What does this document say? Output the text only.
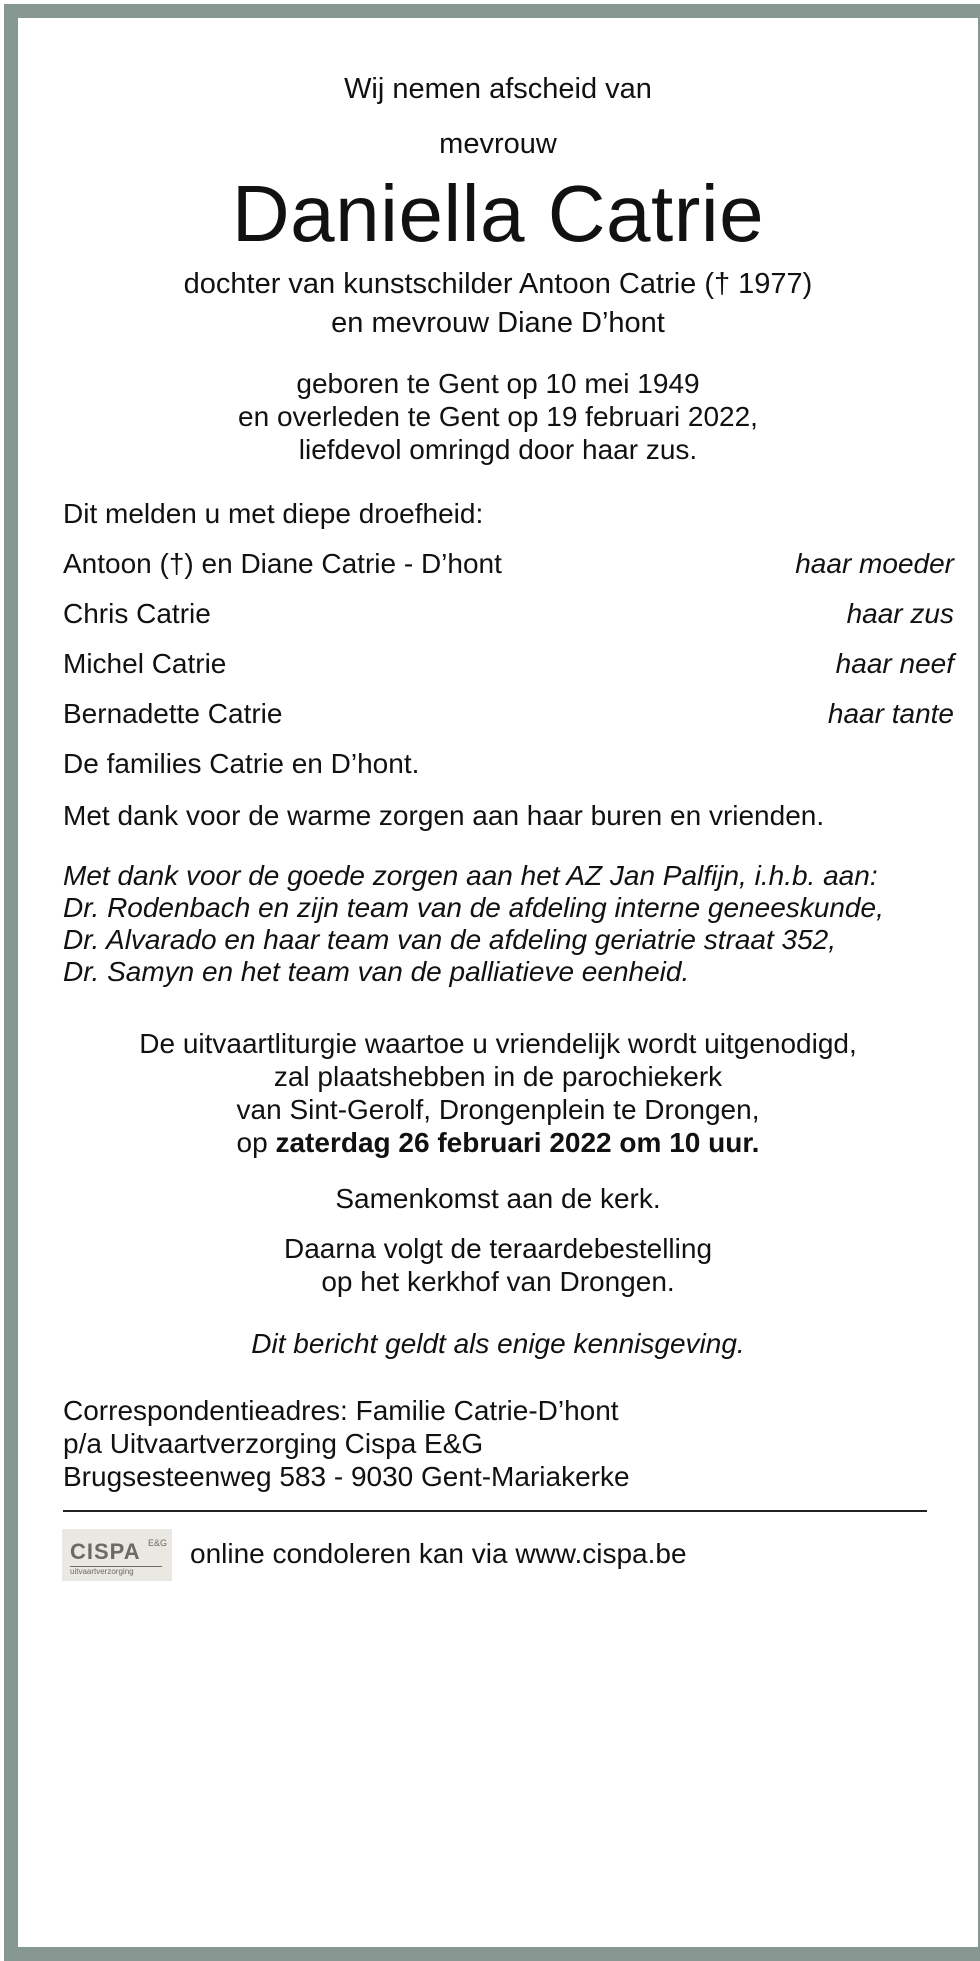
Wij nemen afscheid van
mevrouw
Daniella Catrie
dochter van kunstschilder Antoon Catrie († 1977)
en mevrouw Diane D’hont
geboren te Gent op 10 mei 1949
en overleden te Gent op 19 februari 2022,
liefdevol omringd door haar zus.
Dit melden u met diepe droefheid:
Antoon (†) en Diane Catrie - D’hont	haar moeder
Chris Catrie	haar zus
Michel Catrie	haar neef
Bernadette Catrie	haar tante
De families Catrie en D’hont.
Met dank voor de warme zorgen aan haar buren en vrienden.
Met dank voor de goede zorgen aan het AZ Jan Palfijn, i.h.b. aan:
Dr. Rodenbach en zijn team van de afdeling interne geneeskunde,
Dr. Alvarado en haar team van de afdeling geriatrie straat 352,
Dr. Samyn en het team van de palliatieve eenheid.
De uitvaartliturgie waartoe u vriendelijk wordt uitgenodigd,
zal plaatshebben in de parochiekerk
van Sint-Gerolf, Drongenplein te Drongen,
op zaterdag 26 februari 2022 om 10 uur.
Samenkomst aan de kerk.
Daarna volgt de teraardebestelling
op het kerkhof van Drongen.
Dit bericht geldt als enige kennisgeving.
Correspondentieadres: Familie Catrie-D’hont
p/a Uitvaartverzorging Cispa E&G
Brugsesteenweg 583 - 9030 Gent-Mariakerke
CISPA E&G
uitvaartverzorging
online condoleren kan via www.cispa.be
